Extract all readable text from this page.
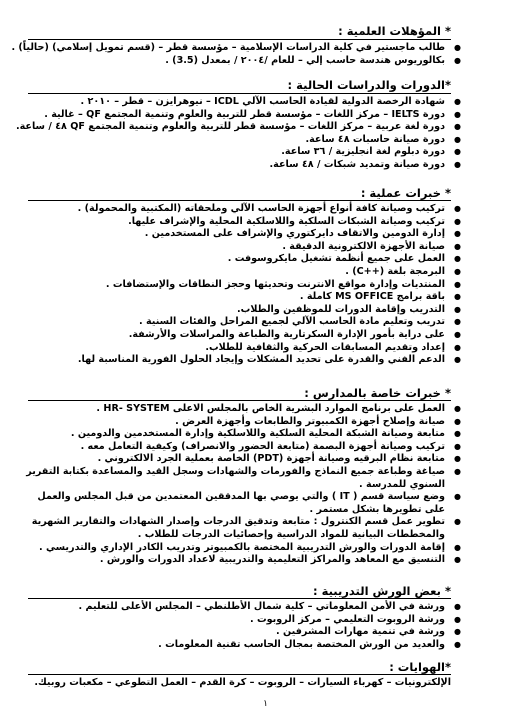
* المؤهلات العلمية :
● طالب ماجستير في كلية الدراسات الإسلامية – مؤسسة قطر – (قسم تمويل إسلامي) (حالياً) .
● بكالوريوس هندسة حاسب إلي – للعام /٢٠٠٤ / بمعدل (3.5) .
*الدورات والدراسات الحالية :
● شهادة الرخصة الدولية لقيادة الحاسب الآلي ICDL – نيوهرايزن – قطر – ٢٠١٠ .
● دورة IELTS – مركز اللغات – مؤسسة قطر للتربية والعلوم وتنمية المجتمع QF – غالية .
● دورة لغة عربية – مركز اللغات – مؤسسة قطر للتربية والعلوم وتنمية المجتمع QF ٤٨ / ساعة.
● دورة صيانة حاسبات ٤٨ ساعة.
● دورة دبلوم لغة انجليزية / ٣٦ ساعة.
● دورة صيانة وتمديد شبكات / ٤٨ ساعة.
* خبرات عملية :
● تركيب وصيانة كافة أنواع أجهزة الحاسب الآلي وملحقاته (المكتبية والمحمولة) .
● تركيب وصيانة الشبكات السلكية واللاسلكية المحلية والإشراف عليها.
● إدارة الدومين والاتقاف دايركتوري والإشراف على المستخدمين .
● صيانة الأجهزة الالكترونية الدقيقة .
● العمل على جميع أنظمة تشغيل مايكروسوفت .
● البرمجة بلغة (++C) .
● المنتديات وإدارة مواقع الانترنت وتحديثها وحجز النطاقات والإستضافات .
● باقة برامج MS OFFICE كاملة .
● التدريب وإقامة الدورات للموظفين والطلاب.
● تدريب وتعليم مادة الحاسب الآلي لجميع المراحل والفئات السنية .
● على دراية بأمور الإدارة السكرتارية والطباعة والمراسلات والأرشفة.
● إعداد وتقديم المسابقات الحركية والثقافية للطلاب.
● الدعم الفني والقدرة على تحديد المشكلات وإيجاد الحلول الفورية المناسبة لها.
* خبرات خاصة بالمدارس :
● العمل على برنامج الموارد البشرية الخاص بالمجلس الاعلى HR- SYSTEM .
● صيانة وإصلاح أجهزة الكمبيوتر والطابعات وأجهزة العرض .
● متابعة وصيانة الشبكة المحلية السلكية واللاسلكية وإدارة المستخدمين والدومين .
● تركيب وصيانة أجهزة البصمة (متابعة الحضور والانصراف) وكيفية التعامل معه .
● متابعة نظام البرقيه وصيانة أجهزة (PDT) الخاصة بعملية الجرد الالكتروني .
● صياغة وطباعة جميع النماذج والفورمات والشهادات وسجل القيد والمساعدة بكتابة التقرير السنوي للمدرسة .
● وضع سياسة قسم ( IT ) والتي يوصي بها المدققين المعتمدين من قبل المجلس والعمل على تطويرها بشكل مستمر .
● تطوير عمل قسم الكنترول : متابعة وتدقيق الدرجات وإصدار الشهادات والتقارير الشهرية والمخططات البيانية للمواد الدراسية وإحصائيات الدرجات للطلاب .
● إقامة الدورات والورش التدريبية المختصة بالكمبيوتر وتدريب الكادر الإداري والتدريسي .
● التنسيق مع المعاهد والمراكز التعليمية والتدريبية لاعداد الدورات والورش .
* بعض الورش التدريبية :
● ورشة في الأمن المعلوماتي – كلية شمال الأطلنطي – المجلس الأعلى للتعليم .
● ورشة الروبوت التعليمي – مركز الروبوت .
● ورشة في تنمية مهارات المشرفين .
● والعديد من الورش المختصة بمجال الحاسب تقنية المعلومات .
*الهوايات :
الإلكترونيات – كهرباء السيارات – الروبوت – كرة القدم – العمل التطوعي – مكعبات روبيك.
١
